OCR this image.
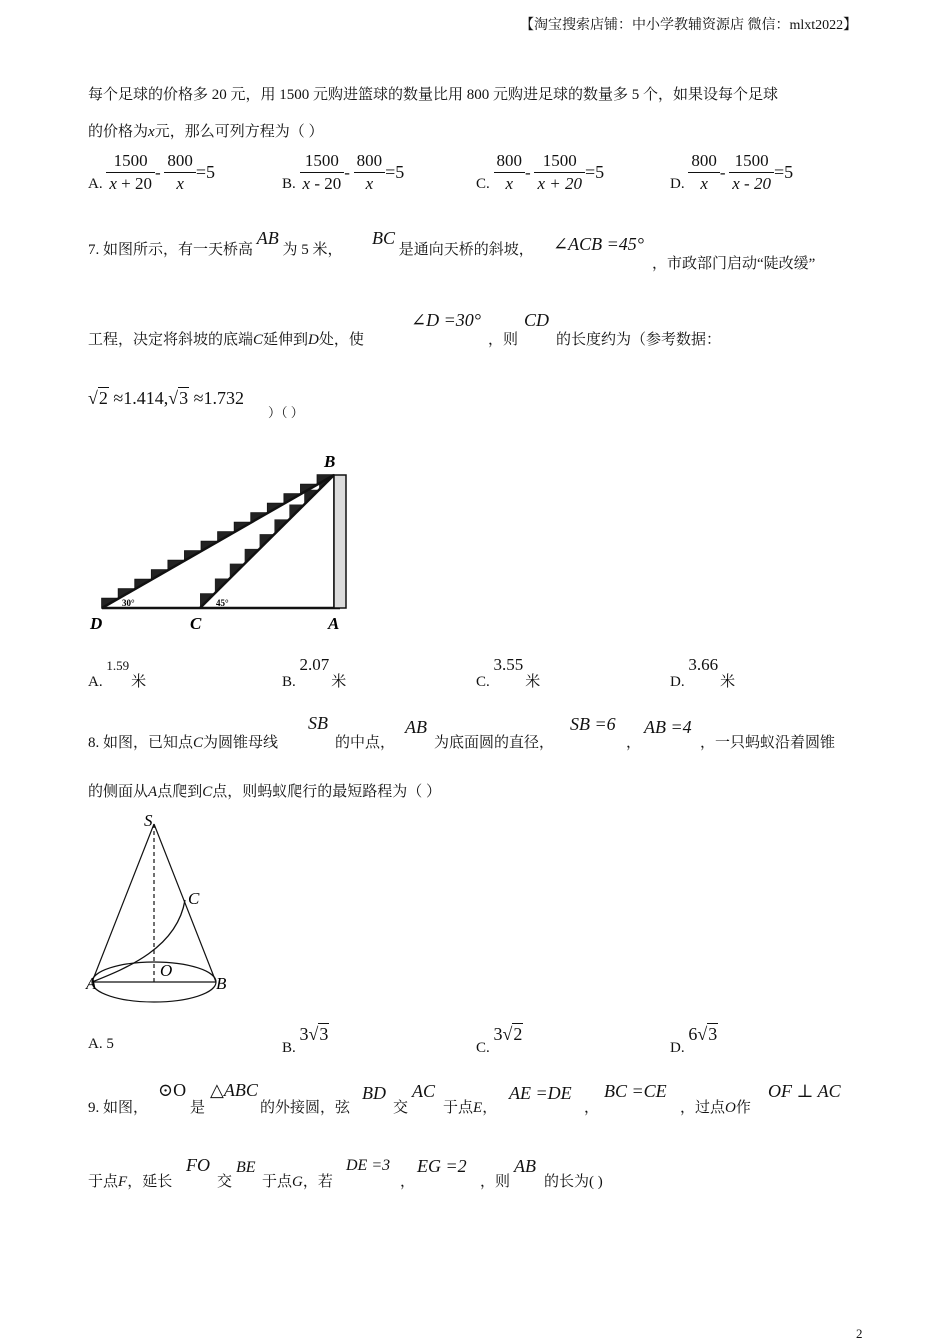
【淘宝搜索店铺：中小学教辅资源店 微信：mlxt2022】
每个足球的价格多 20 元，用 1500 元购进篮球的数量比用 800 元购进足球的数量多 5 个，如果设每个足球
的价格为x元，那么可列方程为（ ）
A. $\frac{1500}{x + 20} - \frac{800}{x} =5$
B. $\frac{1500}{x - 20} - \frac{800}{x} =5$
C. $\frac{800}{x} - \frac{1500}{x + 20} =5$
D. $\frac{800}{x} - \frac{1500}{x - 20} =5$
7. 如图所示，有一天桥高 AB 为 5 米，
BC 是通向天桥的斜坡， ∠ACB =45°
，市政部门启动“陡改缓”
工程，决定将斜坡的底端C延伸到D处，使
∠D =30°
，则
CD
的长度约为（参考数据：
√2 ≈1.414,√3 ≈1.732
）（ ）
B
D	C	A
30°	45°
A. 1.59米	B. 2.07米	C. 3.55米	D. 3.66米
8. 如图，已知点C为圆锥母线
SB
的中点，
AB
为底面圆的直径，
SB =6
，
AB =4
，一只蚂蚁沿着圆锥
的侧面从A点爬到C点，则蚂蚁爬行的最短路程为（ ）
S
C
O
A	B
A. 5	B. 3√3
C. 3√2
D. 6√3
9. 如图，
⊙O
是
△ABC
的外接圆，弦
BD
交
AC
于点E，
AE =DE
，
BC =CE
，过点O作
OF ⊥ AC
于点F，延长
FO
交
BE
于点G，若
DE =3
，
EG =2
，则
AB
的长为( )
2
